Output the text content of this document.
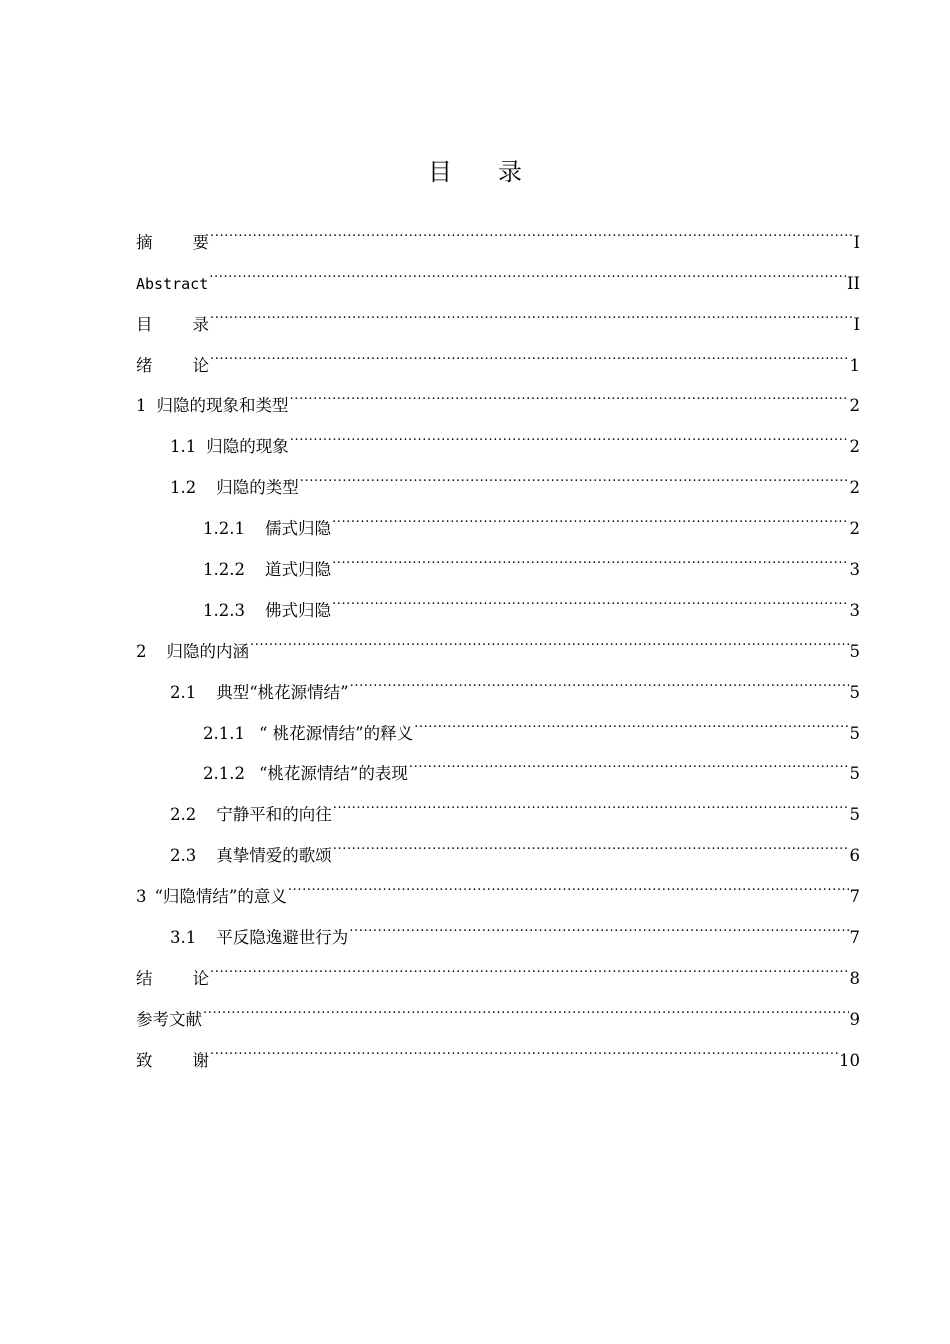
目 录
摘 要 .....	I
Abstract .....	II
目 录 .....	I
绪 论 .....	1
1 归隐的现象和类型 .....	2
1.1 归隐的现象 .....	2
1.2 归隐的类型 .....	2
1.2.1 儒式归隐 .....	2
1.2.2 道式归隐 .....	3
1.2.3 佛式归隐 .....	3
2 归隐的内涵 .....	5
2.1 典型“桃花源情结” .....	5
2.1.1 “ 桃花源情结”的释义 .....	5
2.1.2 “桃花源情结”的表现 .....	5
2.2 宁静平和的向往 .....	5
2.3 真挚情爱的歌颂 .....	6
3 “归隐情结”的意义 .....	7
3.1 平反隐逸避世行为 .....	7
结 论 .....	8
参考文献 .....	9
致 谢 .....	10
